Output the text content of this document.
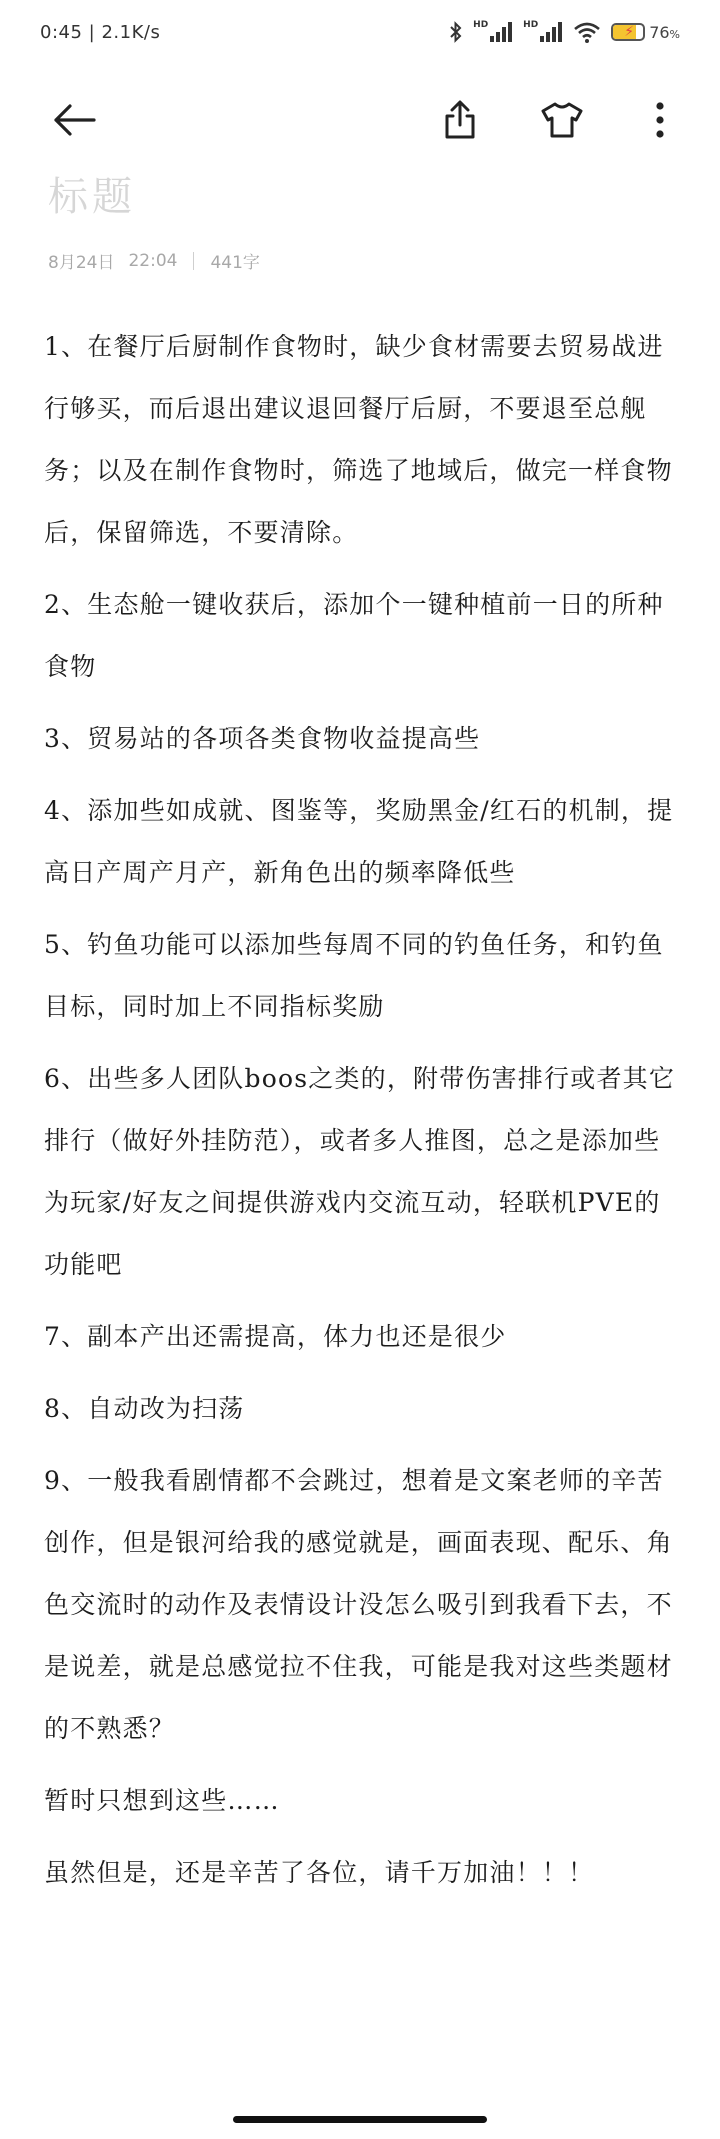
0:45 | 2.1K/s	HD	HD	⚡ 76%
标题
8月24日 22:04 441字

1、在餐厅后厨制作食物时，缺少食材需要去贸易战进行够买，而后退出建议退回餐厅后厨，不要退至总舰务；以及在制作食物时，筛选了地域后，做完一样食物后，保留筛选，不要清除。

2、生态舱一键收获后，添加个一键种植前一日的所种食物

3、贸易站的各项各类食物收益提高些

4、添加些如成就、图鉴等，奖励黑金/红石的机制，提高日产周产月产，新角色出的频率降低些

5、钓鱼功能可以添加些每周不同的钓鱼任务，和钓鱼目标，同时加上不同指标奖励

6、出些多人团队boos之类的，附带伤害排行或者其它排行（做好外挂防范），或者多人推图，总之是添加些为玩家/好友之间提供游戏内交流互动，轻联机PVE的功能吧

7、副本产出还需提高，体力也还是很少

8、自动改为扫荡

9、一般我看剧情都不会跳过，想着是文案老师的辛苦创作，但是银河给我的感觉就是，画面表现、配乐、角色交流时的动作及表情设计没怎么吸引到我看下去，不是说差，就是总感觉拉不住我，可能是我对这些类题材的不熟悉？

暂时只想到这些……

虽然但是，还是辛苦了各位，请千万加油！！！
